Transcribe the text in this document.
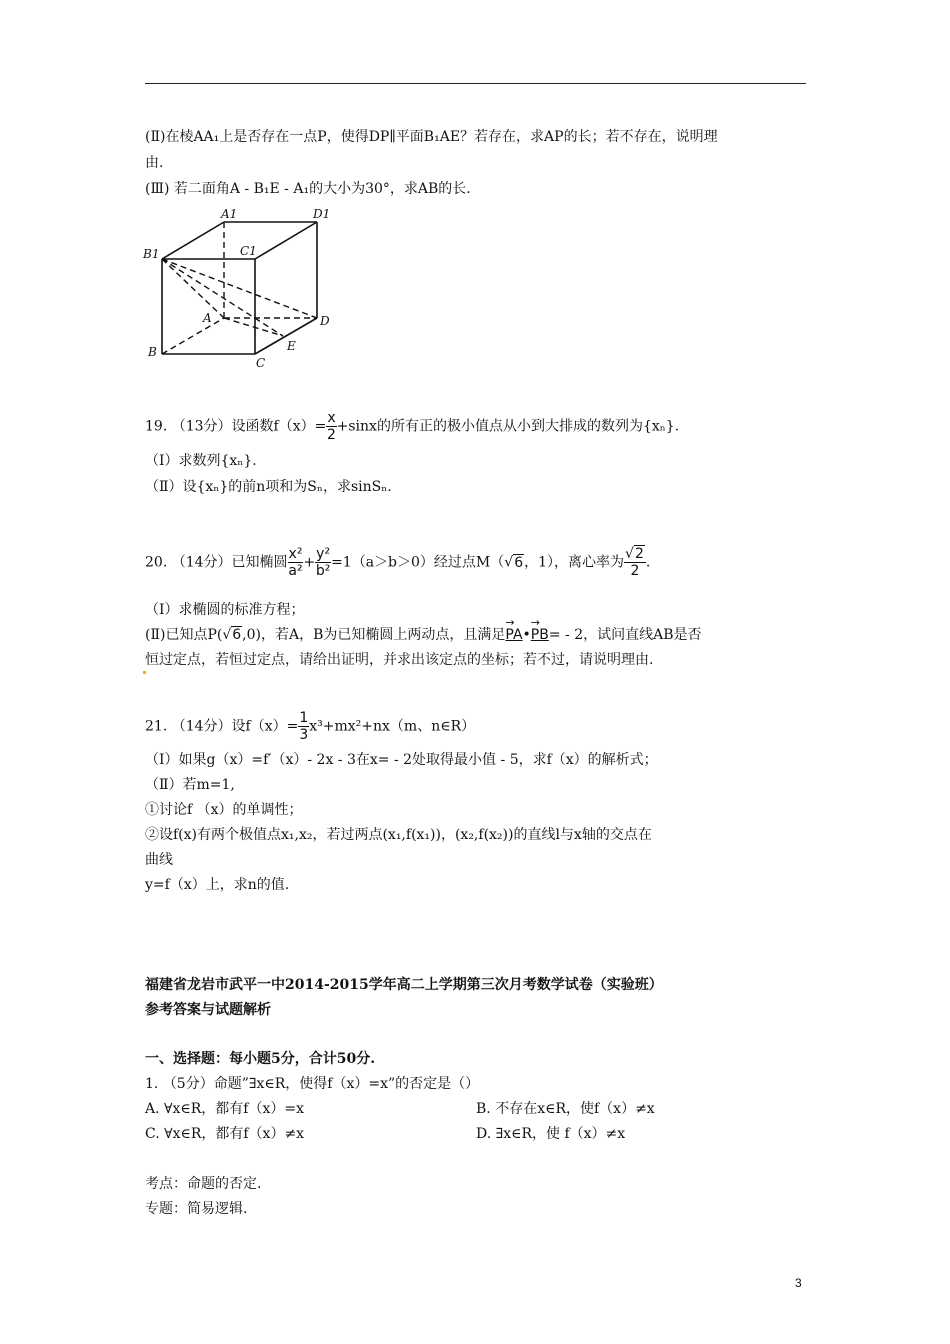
(Ⅱ)在棱AA₁上是否存在一点P，使得DP∥平面B₁AE？若存在，求AP的长；若不存在，说明理
由.
(Ⅲ) 若二面角A - B₁E - A₁的大小为30°，求AB的长.
A1	D1
C1
B1
A	D
B
C
E
19. （13分）设函数$f(x)= \frac{x}{2} +\sin x$的所有正的极小值点从小到大排成的数列为{xₙ}.
（Ⅰ）求数列{xₙ}.
（Ⅱ）设{xₙ}的前n项和为Sₙ，求sinSₙ.
20. （14分）已知椭圆 $\frac{\text{x²}}{\text{a²}} + \frac{\text{y²}}{\text{b²}} =1(a>b>0)$经过点M（√6，1），离心率为 $\frac{√2}{2}$ .
（Ⅰ）求椭圆的标准方程；
(Ⅱ)已知点P(√6,0)，若A，B为已知椭圆上两动点，且满足→ PA•→ PB= - 2，试问直线AB是否
恒过定点，若恒过定点，请给出证明，并求出该定点的坐标；若不过，请说明理由.
21. （14分）设$f(x)= \frac{1}{3} x^3+mx^2+nx(m$、n∈R）
（Ⅰ）如果g（x）=f′（x）- 2x - 3在x= - 2处取得最小值 - 5，求f（x）的解析式；
（Ⅱ）若m=1,
①讨论f （x）的单调性；
②设f(x)有两个极值点x₁,x₂，若过两点(x₁,f(x₁))，(x₂,f(x₂))的直线l与x轴的交点在
曲线
y=f（x）上，求n的值.
福建省龙岩市武平一中2014-2015学年高二上学期第三次月考数学试卷（实验班）
参考答案与试题解析
一、选择题：每小题5分，合计50分.
1. （5分）命题”∃x∈R，使得f（x）=x”的否定是（）
A. ∀x∈R，都有f（x）=x	B. 不存在x∈R，使f（x）≠x
C. ∀x∈R，都有f（x）≠x	D. ∃x∈R，使 f（x）≠x
考点：命题的否定.
专题：简易逻辑.
3
